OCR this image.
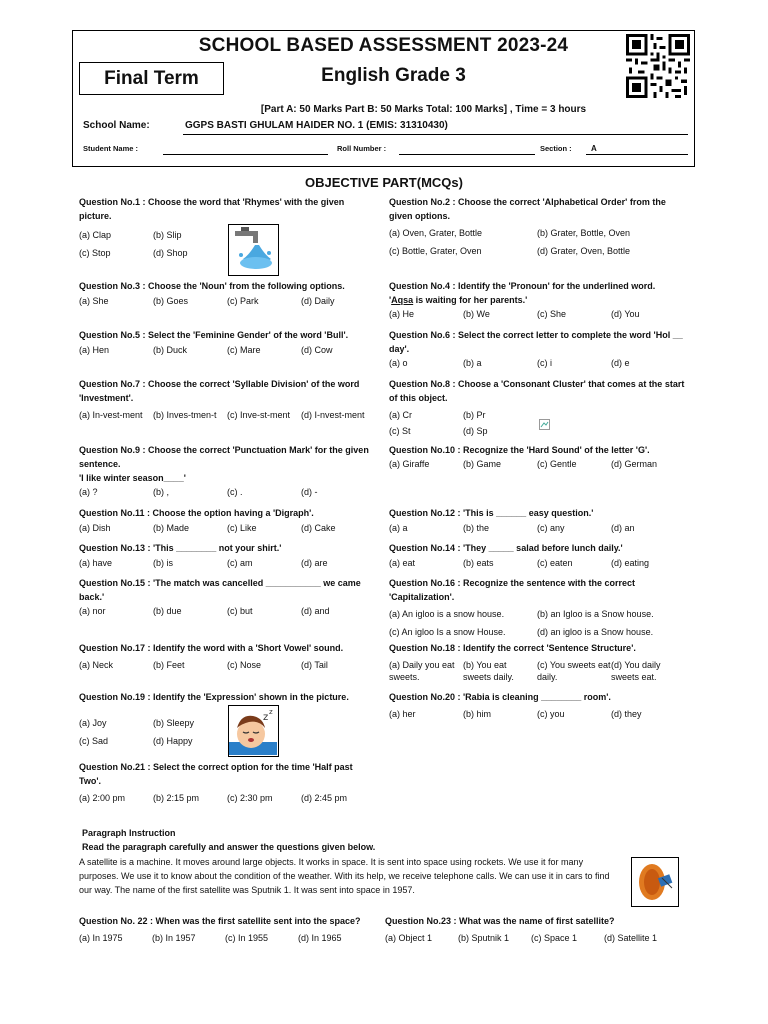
SCHOOL BASED ASSESSMENT 2023-24
Final Term	English Grade 3
[Part A: 50 Marks Part B: 50 Marks Total: 100 Marks] , Time = 3 hours
School Name:	GGPS BASTI GHULAM HAIDER NO. 1 (EMIS: 31310430)
Student Name :	Roll Number :	Section : A
OBJECTIVE PART(MCQs)
Question No.1 : Choose the word that 'Rhymes' with the given picture.
(a) Clap	(b) Slip
(c) Stop	(d) Shop
Question No.2 : Choose the correct 'Alphabetical Order' from the given options.
(a) Oven, Grater, Bottle	(b) Grater, Bottle, Oven
(c) Bottle, Grater, Oven	(d) Grater, Oven, Bottle
Question No.3 : Choose the 'Noun' from the following options.
(a) She	(b) Goes	(c) Park	(d) Daily
Question No.4 : Identify the 'Pronoun' for the underlined word.
'Aqsa is waiting for her parents.'
(a) He	(b) We	(c) She	(d) You
Question No.5 : Select the 'Feminine Gender' of the word 'Bull'.
(a) Hen	(b) Duck	(c) Mare	(d) Cow
Question No.6 : Select the correct letter to complete the word 'Hol __ day'.
(a) o	(b) a	(c) i	(d) e
Question No.7 : Choose the correct 'Syllable Division' of the word 'Investment'.
(a) In-vest-ment	(b) Inves-tmen-t	(c) Inve-st-ment	(d) I-nvest-ment
Question No.8 : Choose a 'Consonant Cluster' that comes at the start of this object.
(a) Cr	(b) Pr
(c) St	(d) Sp
Question No.9 : Choose the correct 'Punctuation Mark' for the given sentence.
'I like winter season____'
(a) ?	(b) ,	(c) .	(d) -
Question No.10 : Recognize the 'Hard Sound' of the letter 'G'.
(a) Giraffe	(b) Game	(c) Gentle	(d) German
Question No.11 : Choose the option having a 'Digraph'.
(a) Dish	(b) Made	(c) Like	(d) Cake
Question No.12 : 'This is ______ easy question.'
(a) a	(b) the	(c) any	(d) an
Question No.13 : 'This ________ not your shirt.'
(a) have	(b) is	(c) am	(d) are
Question No.14 : 'They _____ salad before lunch daily.'
(a) eat	(b) eats	(c) eaten	(d) eating
Question No.15 : 'The match was cancelled ___________ we came back.'
(a) nor	(b) due	(c) but	(d) and
Question No.16 : Recognize the sentence with the correct 'Capitalization'.
(a) An igloo is a snow house.	(b) an Igloo is a Snow house.
(c) An igloo Is a snow House.	(d) an igloo is a Snow house.
Question No.17 : Identify the word with a 'Short Vowel' sound.
(a) Neck	(b) Feet	(c) Nose	(d) Tail
Question No.18 : Identify the correct 'Sentence Structure'.
(a) Daily you eat sweets.
(b) You eat sweets daily.
(c) You sweets eat daily.
(d) You daily sweets eat.
Question No.19 : Identify the 'Expression' shown in the picture.
(a) Joy	(b) Sleepy
(c) Sad	(d) Happy
z z
Question No.20 : 'Rabia is cleaning ________ room'.
(a) her	(b) him	(c) you	(d) they
Question No.21 : Select the correct option for the time 'Half past Two'.
(a) 2:00 pm	(b) 2:15 pm	(c) 2:30 pm	(d) 2:45 pm
Paragraph Instruction
Read the paragraph carefully and answer the questions given below.
A satellite is a machine. It moves around large objects. It works in space. It is sent into space using rockets. We use it for many purposes. We use it to know about the condition of the weather. With its help, we receive telephone calls. We can use it in cars to find our way. The name of the first satellite was Sputnik 1. It was sent into space in 1957.
Question No. 22 : When was the first satellite sent into the space?
(a) In 1975	(b) In 1957	(c) In 1955	(d) In 1965
Question No.23 : What was the name of first satellite?
(a) Object 1	(b) Sputnik 1	(c) Space 1	(d) Satellite 1
